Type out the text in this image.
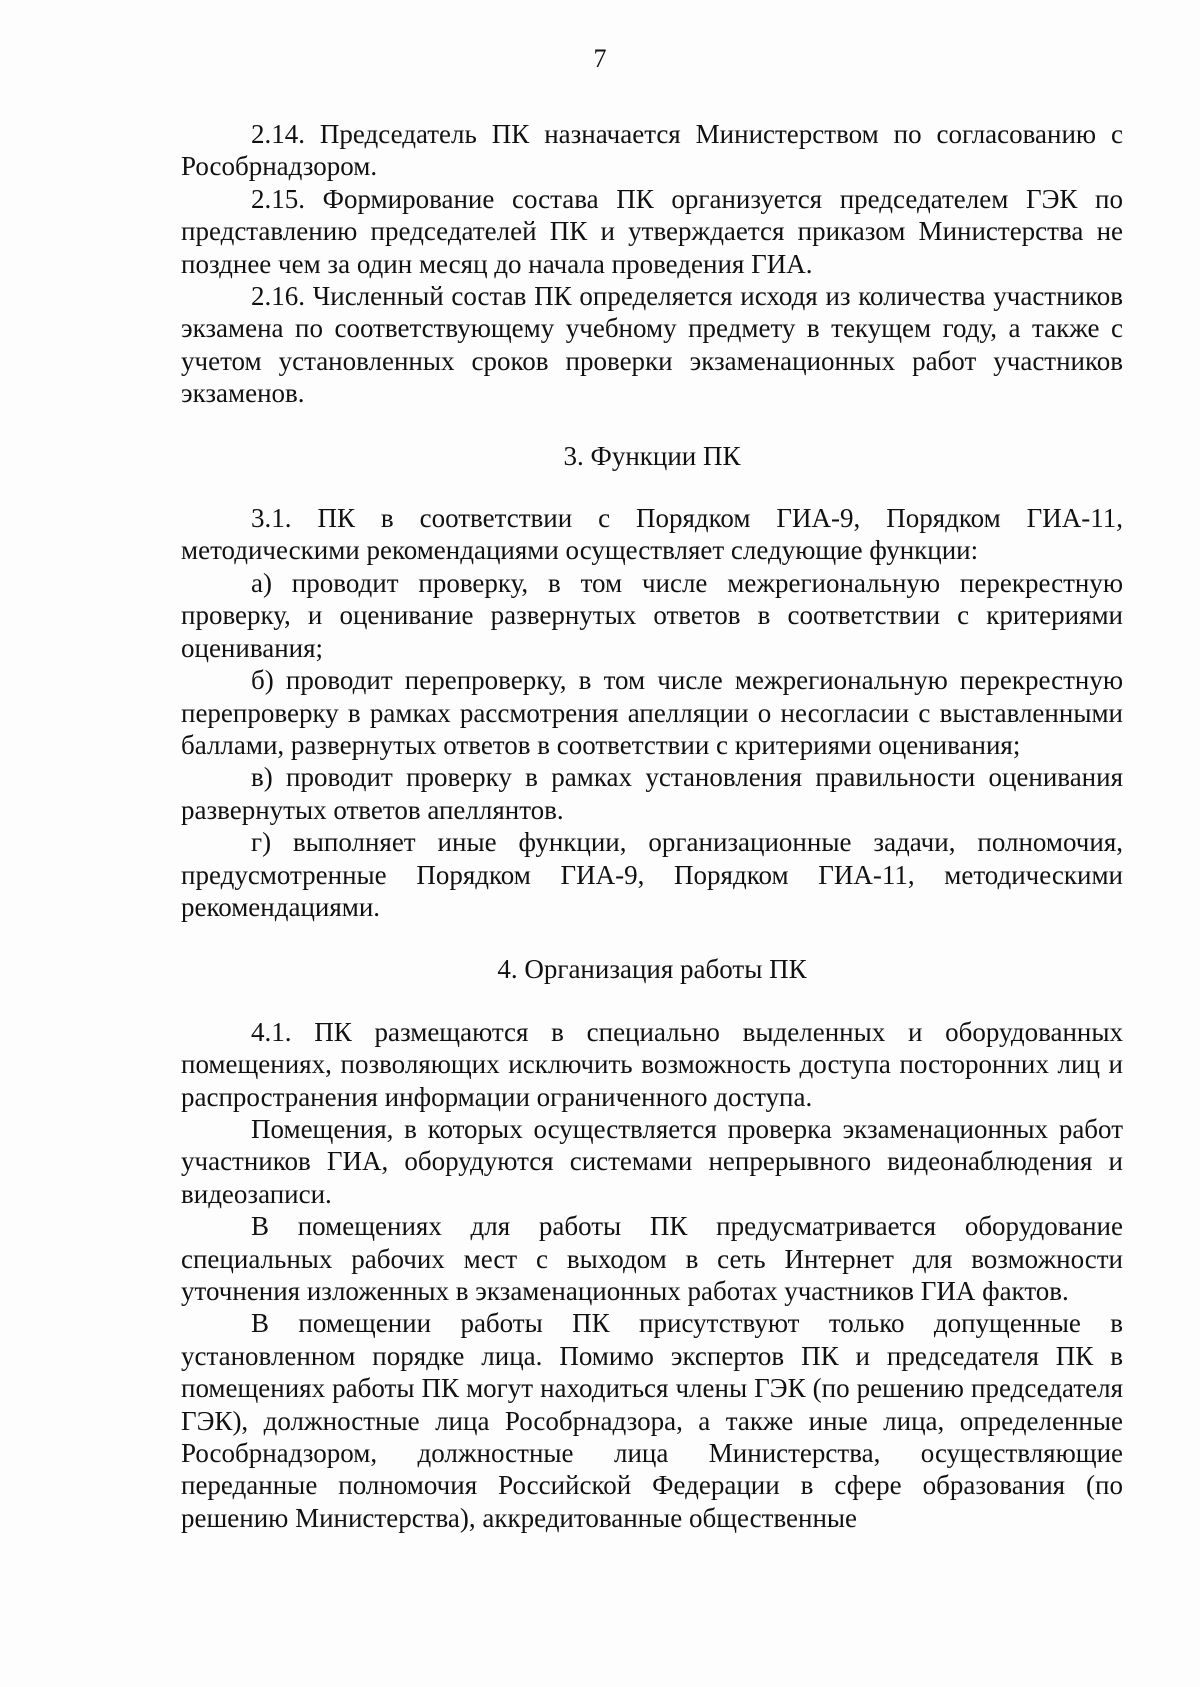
7

2.14. Председатель ПК назначается Министерством по согласованию с Рособрнадзором.

2.15. Формирование состава ПК организуется председателем ГЭК по представлению председателей ПК и утверждается приказом Министерства не позднее чем за один месяц до начала проведения ГИА.

2.16. Численный состав ПК определяется исходя из количества участников экзамена по соответствующему учебному предмету в текущем году, а также с учетом установленных сроков проверки экзаменационных работ участников экзаменов.

3. Функции ПК

3.1. ПК в соответствии с Порядком ГИА-9, Порядком ГИА-11, методическими рекомендациями осуществляет следующие функции:

а) проводит проверку, в том числе межрегиональную перекрестную проверку, и оценивание развернутых ответов в соответствии с критериями оценивания;

б) проводит перепроверку, в том числе межрегиональную перекрестную перепроверку в рамках рассмотрения апелляции о несогласии с выставленными баллами, развернутых ответов в соответствии с критериями оценивания;

в) проводит проверку в рамках установления правильности оценивания развернутых ответов апеллянтов.

г) выполняет иные функции, организационные задачи, полномочия, предусмотренные Порядком ГИА-9, Порядком ГИА-11, методическими рекомендациями.

4. Организация работы ПК

4.1. ПК размещаются в специально выделенных и оборудованных помещениях, позволяющих исключить возможность доступа посторонних лиц и распространения информации ограниченного доступа.

Помещения, в которых осуществляется проверка экзаменационных работ участников ГИА, оборудуются системами непрерывного видеонаблюдения и видеозаписи.

В помещениях для работы ПК предусматривается оборудование специальных рабочих мест с выходом в сеть Интернет для возможности уточнения изложенных в экзаменационных работах участников ГИА фактов.

В помещении работы ПК присутствуют только допущенные в установленном порядке лица. Помимо экспертов ПК и председателя ПК в помещениях работы ПК могут находиться члены ГЭК (по решению председателя ГЭК), должностные лица Рособрнадзора, а также иные лица, определенные Рособрнадзором, должностные лица Министерства, осуществляющие переданные полномочия Российской Федерации в сфере образования (по решению Министерства), аккредитованные общественные
